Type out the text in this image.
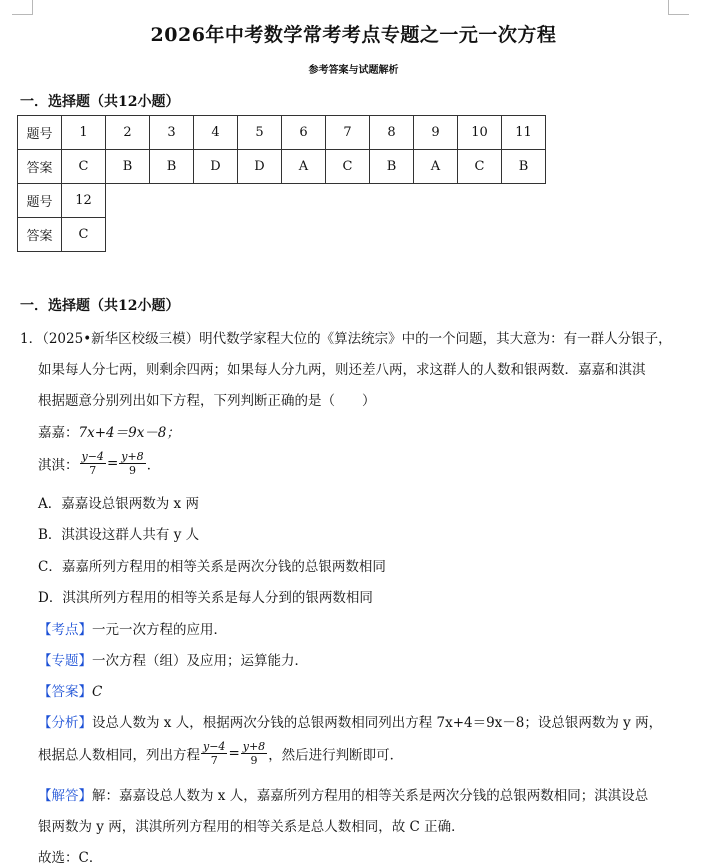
2026年中考数学常考考点专题之一元一次方程
参考答案与试题解析
一．选择题（共12小题）
题号	1	2	3	4	5	6	7	8	9	10	11
答案	C	B	B	D	D	A	C	B	A	C	B
题号	12										
答案	C										
一．选择题（共12小题）
1．（2025•新华区校级三模）明代数学家程大位的《算法统宗》中的一个问题，其大意为：有一群人分银子，
如果每人分七两，则剩余四两；如果每人分九两，则还差八两，求这群人的人数和银两数．嘉嘉和淇淇
根据题意分别列出如下方程，下列判断正确的是（　　）
嘉嘉：7x+4＝9x－8；
淇淇： $\frac{y-4}{7} = \frac{y+8}{9}$ ．
A．嘉嘉设总银两数为 x 两
B．淇淇设这群人共有 y 人
C．嘉嘉所列方程用的相等关系是两次分钱的总银两数相同
D．淇淇所列方程用的相等关系是每人分到的银两数相同
【考点】一元一次方程的应用．
【专题】一次方程（组）及应用；运算能力．
【答案】C
【分析】设总人数为 x 人，根据两次分钱的总银两数相同列出方程 7x+4＝9x－8；设总银两数为 y 两，
根据总人数相同，列出方程 $\frac{y-4}{7} = \frac{y+8}{9}$ ，然后进行判断即可．
【解答】解：嘉嘉设总人数为 x 人，嘉嘉所列方程用的相等关系是两次分钱的总银两数相同；淇淇设总
银两数为 y 两，淇淇所列方程用的相等关系是总人数相同，故 C 正确．
故选：C．
